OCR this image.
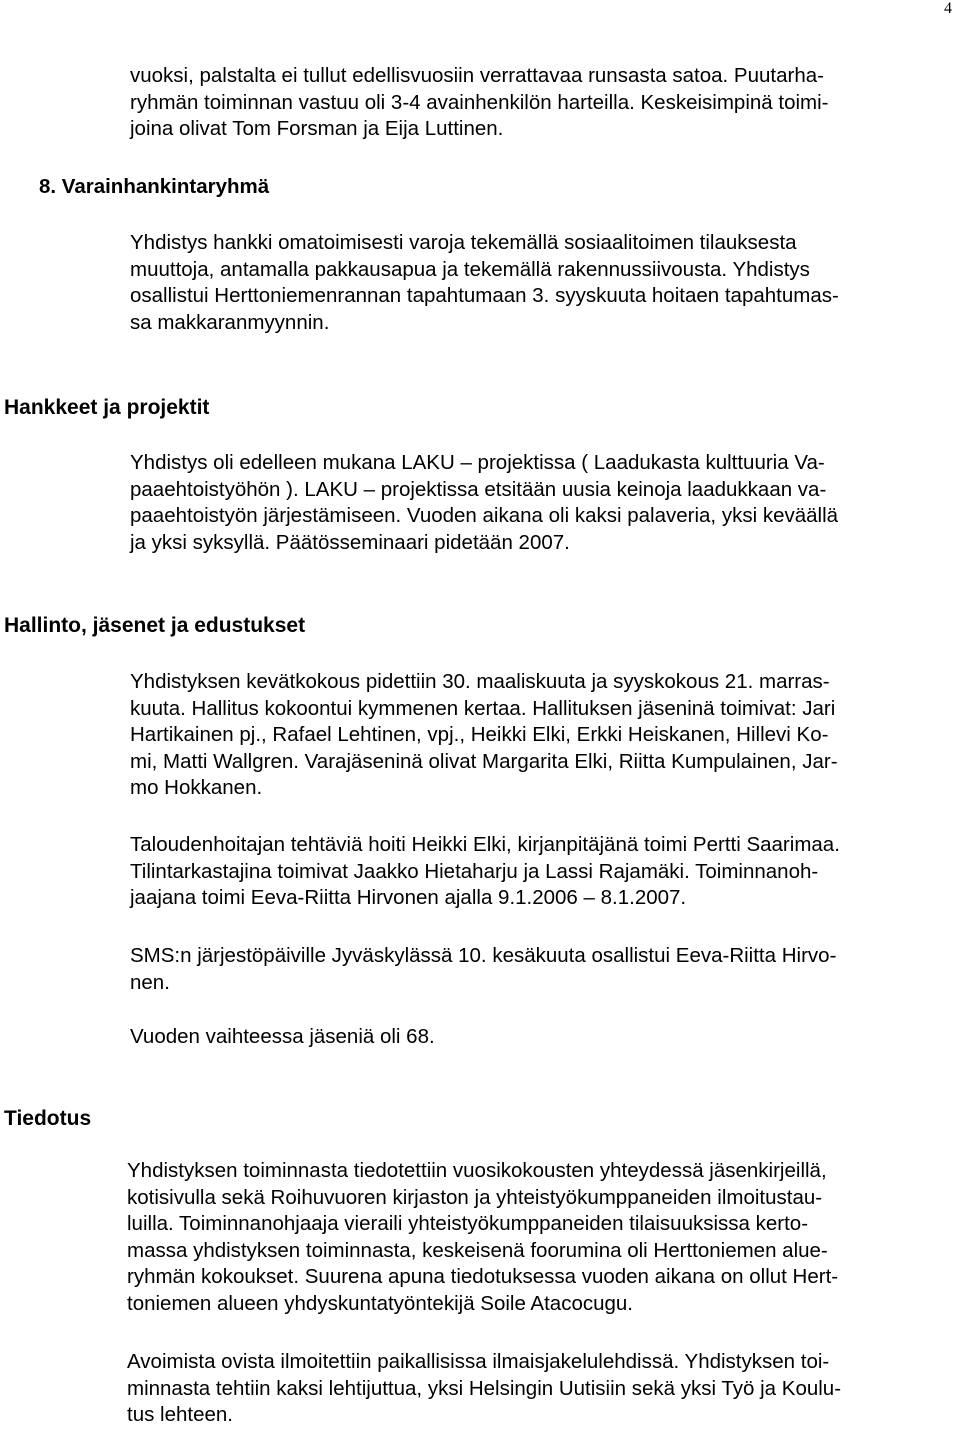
4

vuoksi, palstalta ei tullut edellisvuosiin verrattavaa runsasta satoa. Puutarha-
ryhmän toiminnan vastuu oli 3-4 avainhenkilön harteilla. Keskeisimpinä toimi-
joina olivat Tom Forsman ja Eija Luttinen.

8. Varainhankintaryhmä

Yhdistys hankki omatoimisesti varoja tekemällä sosiaalitoimen tilauksesta
muuttoja, antamalla pakkausapua ja tekemällä rakennussiivousta. Yhdistys
osallistui Herttoniemenrannan tapahtumaan 3. syyskuuta hoitaen tapahtumas-
sa makkaranmyynnin.

Hankkeet ja projektit

Yhdistys oli edelleen mukana LAKU – projektissa ( Laadukasta kulttuuria Va-
paaehtoistyöhön ). LAKU – projektissa etsitään uusia keinoja laadukkaan va-
paaehtoistyön järjestämiseen. Vuoden aikana oli kaksi palaveria, yksi keväällä
ja yksi syksyllä. Päätösseminaari pidetään 2007.

Hallinto, jäsenet ja edustukset

Yhdistyksen kevätkokous pidettiin 30. maaliskuuta ja syyskokous 21. marras-
kuuta. Hallitus kokoontui kymmenen kertaa. Hallituksen jäseninä toimivat: Jari
Hartikainen pj., Rafael Lehtinen, vpj., Heikki Elki, Erkki Heiskanen, Hillevi Ko-
mi, Matti Wallgren. Varajäseninä olivat Margarita Elki, Riitta Kumpulainen, Jar-
mo Hokkanen.

Taloudenhoitajan tehtäviä hoiti Heikki Elki, kirjanpitäjänä toimi Pertti Saarimaa.
Tilintarkastajina toimivat Jaakko Hietaharju ja Lassi Rajamäki. Toiminnanoh-
jaajana toimi Eeva-Riitta Hirvonen ajalla 9.1.2006 – 8.1.2007.

SMS:n järjestöpäiville Jyväskylässä 10. kesäkuuta osallistui Eeva-Riitta Hirvo-
nen.

Vuoden vaihteessa jäseniä oli 68.

Tiedotus

Yhdistyksen toiminnasta tiedotettiin vuosikokousten yhteydessä jäsenkirjeillä,
kotisivulla sekä Roihuvuoren kirjaston ja yhteistyökumppaneiden ilmoitustau-
luilla. Toiminnanohjaaja vieraili yhteistyökumppaneiden tilaisuuksissa kerto-
massa yhdistyksen toiminnasta, keskeisenä foorumina oli Herttoniemen alue-
ryhmän kokoukset. Suurena apuna tiedotuksessa vuoden aikana on ollut Hert-
toniemen alueen yhdyskuntatyöntekijä Soile Atacocugu.

Avoimista ovista ilmoitettiin paikallisissa ilmaisjakelulehdissä. Yhdistyksen toi-
minnasta tehtiin kaksi lehtijuttua, yksi Helsingin Uutisiin sekä yksi Työ ja Koulu-
tus lehteen.
